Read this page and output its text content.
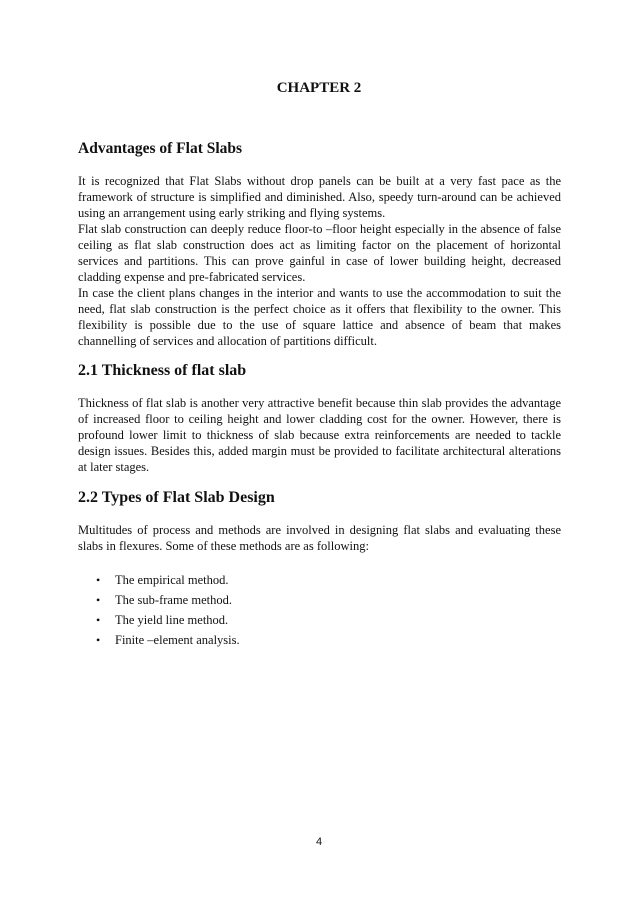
CHAPTER 2
Advantages of Flat Slabs

It is recognized that Flat Slabs without drop panels can be built at a very fast pace as the framework of structure is simplified and diminished. Also, speedy turn-around can be achieved using an arrangement using early striking and flying systems.

Flat slab construction can deeply reduce floor-to –floor height especially in the absence of false ceiling as flat slab construction does act as limiting factor on the placement of horizontal services and partitions. This can prove gainful in case of lower building height, decreased cladding expense and pre-fabricated services.

In case the client plans changes in the interior and wants to use the accommodation to suit the need, flat slab construction is the perfect choice as it offers that flexibility to the owner. This flexibility is possible due to the use of square lattice and absence of beam that makes channelling of services and allocation of partitions difficult.

2.1 Thickness of flat slab

Thickness of flat slab is another very attractive benefit because thin slab provides the advantage of increased floor to ceiling height and lower cladding cost for the owner. However, there is profound lower limit to thickness of slab because extra reinforcements are needed to tackle design issues. Besides this, added margin must be provided to facilitate architectural alterations at later stages.

2.2 Types of Flat Slab Design

Multitudes of process and methods are involved in designing flat slabs and evaluating these slabs in flexures. Some of these methods are as following:

• The empirical method.
• The sub-frame method.
• The yield line method.
• Finite –element analysis.
4
